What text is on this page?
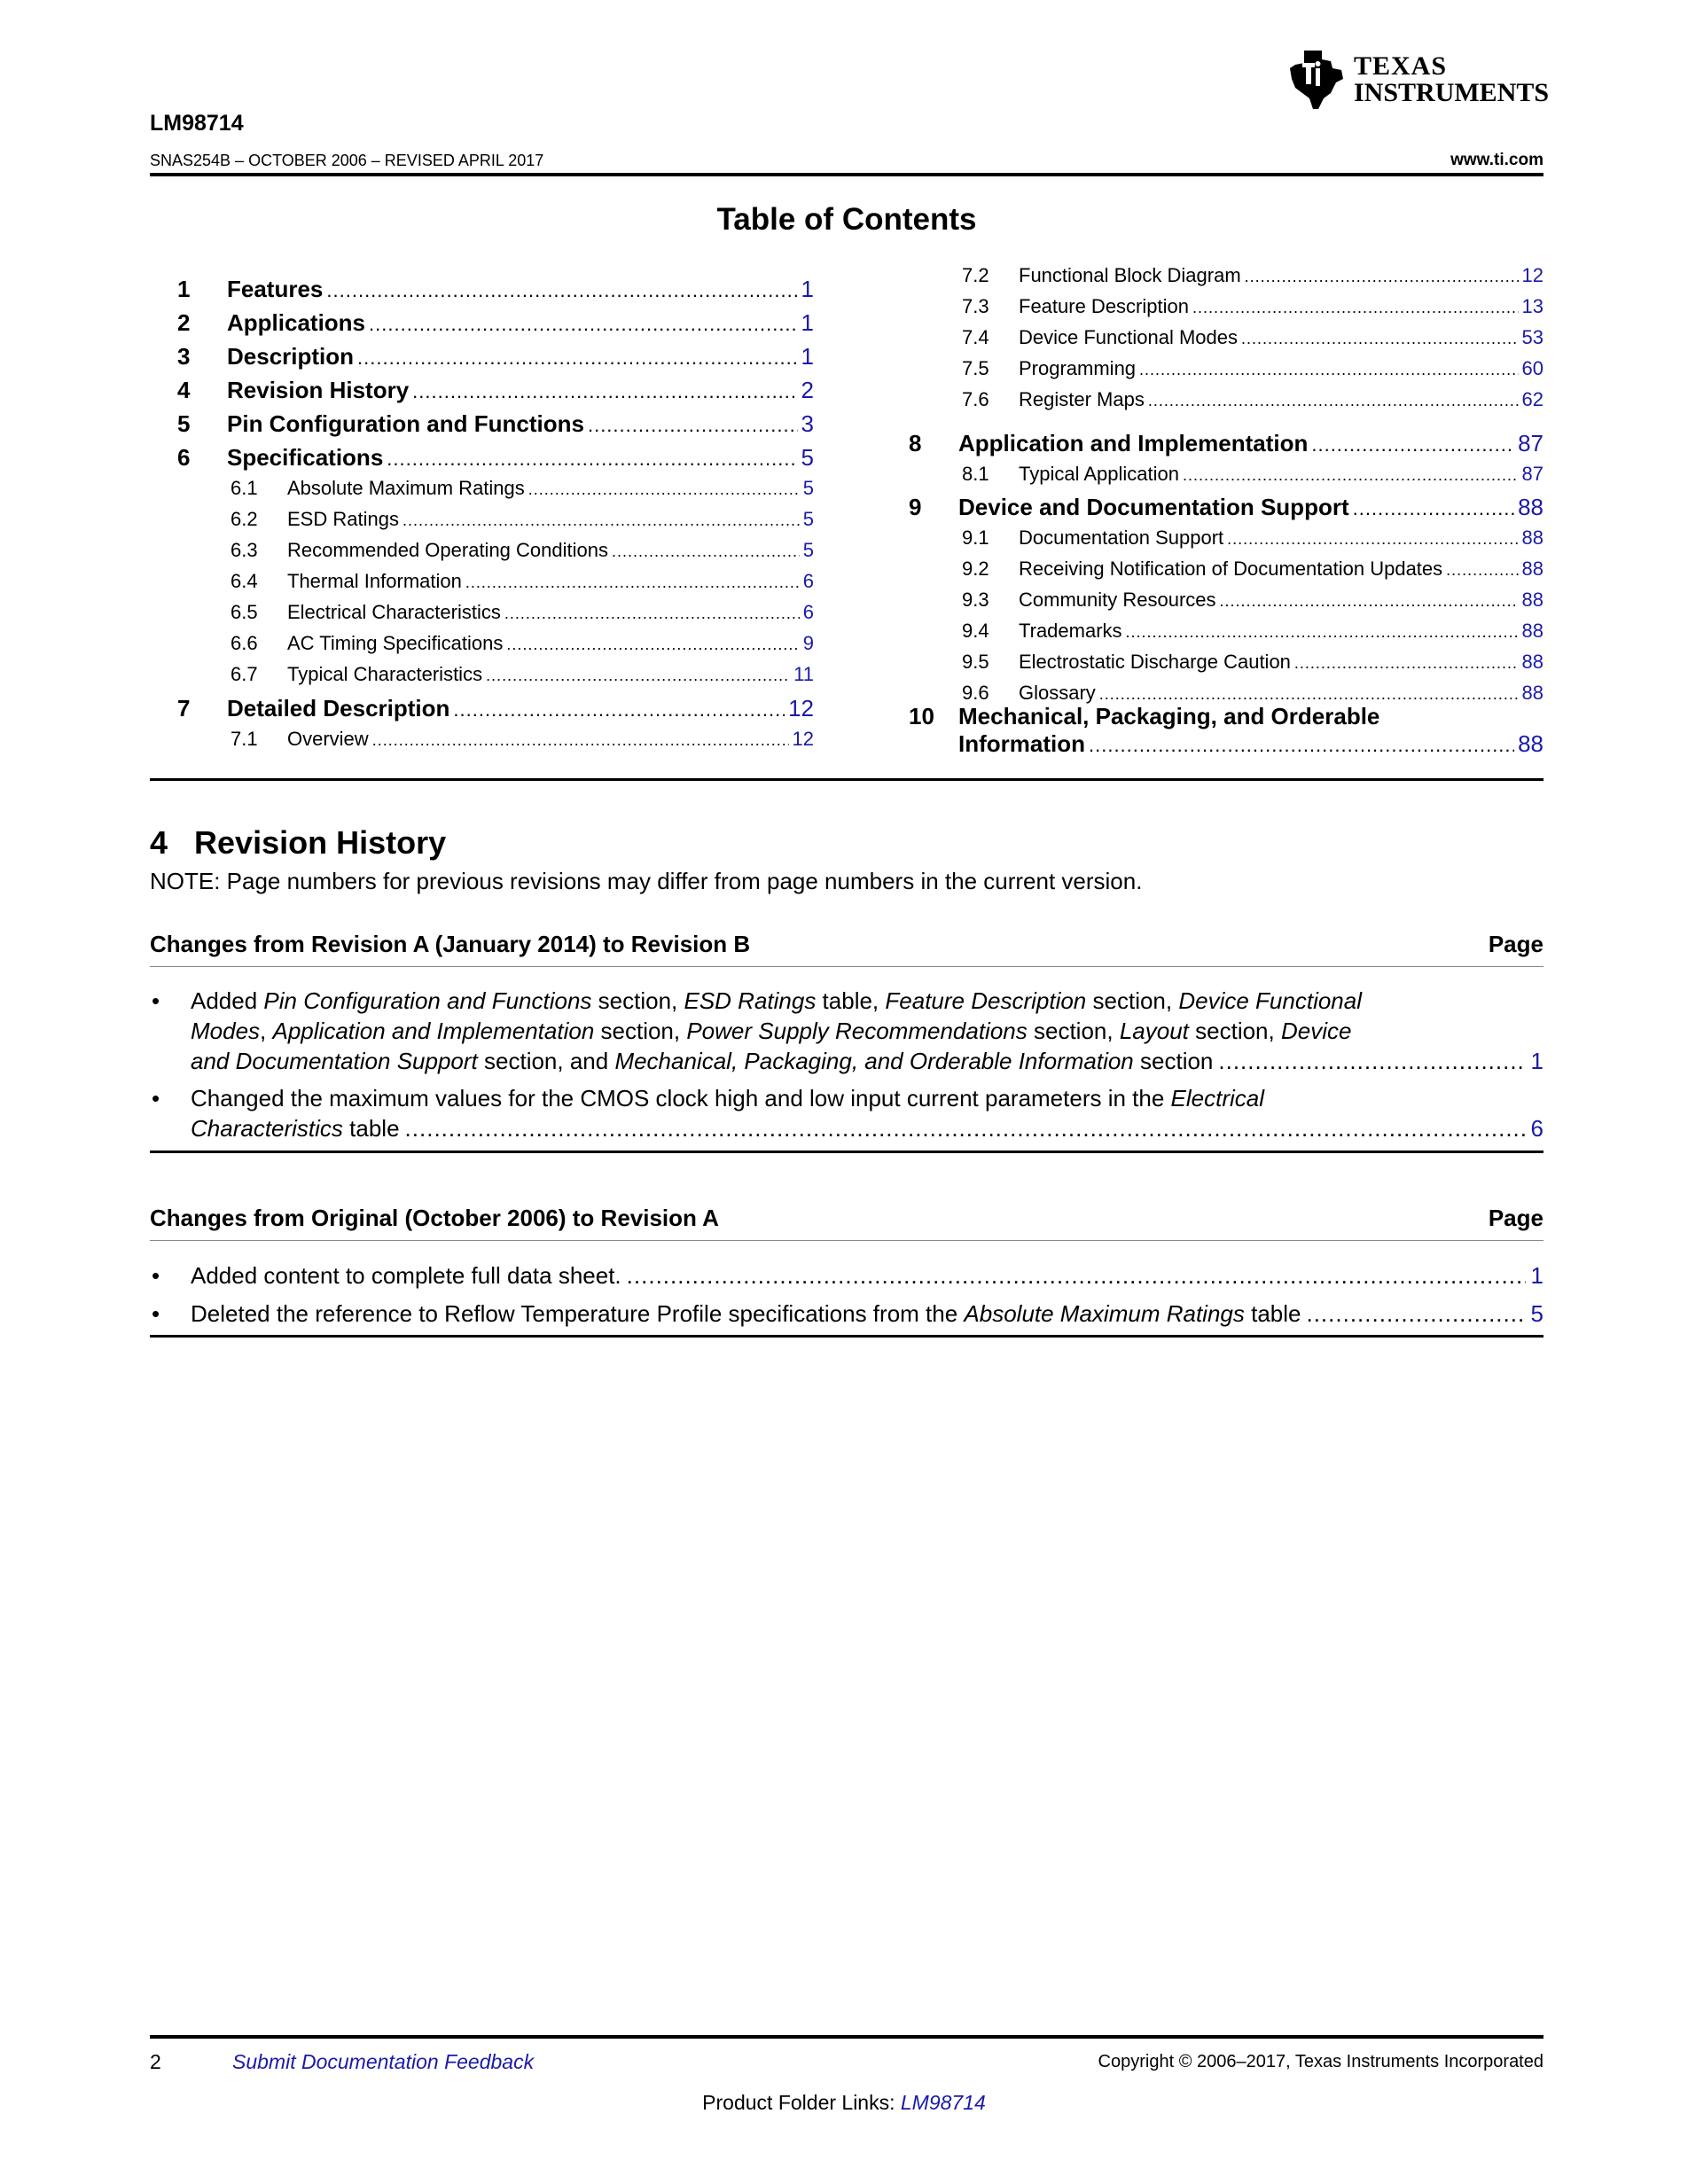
TEXAS
INSTRUMENTS
LM98714
SNAS254B – OCTOBER 2006 – REVISED APRIL 2017	www.ti.com
Table of Contents
1	Features .....	1
2	Applications .....	1
3	Description .....	1
4	Revision History .....	2
5	Pin Configuration and Functions .....	3
6	Specifications .....	5
6.1	Absolute Maximum Ratings .....	5
6.2	ESD Ratings .....	5
6.3	Recommended Operating Conditions .....	5
6.4	Thermal Information .....	6
6.5	Electrical Characteristics .....	6
6.6	AC Timing Specifications .....	9
6.7	Typical Characteristics .....	11
7	Detailed Description .....	12
7.1	Overview .....	12
7.2	Functional Block Diagram .....	12
7.3	Feature Description .....	13
7.4	Device Functional Modes .....	53
7.5	Programming .....	60
7.6	Register Maps .....	62
8	Application and Implementation .....	87
8.1	Typical Application .....	87
9	Device and Documentation Support .....	88
9.1	Documentation Support .....	88
9.2	Receiving Notification of Documentation Updates .....	88
9.3	Community Resources .....	88
9.4	Trademarks .....	88
9.5	Electrostatic Discharge Caution .....	88
9.6	Glossary .....	88
10	Mechanical, Packaging, and Orderable
Information .....	88
4 Revision History
NOTE: Page numbers for previous revisions may differ from page numbers in the current version.
Changes from Revision A (January 2014) to Revision B	Page
• Added Pin Configuration and Functions section, ESD Ratings table, Feature Description section, Device Functional
Modes, Application and Implementation section, Power Supply Recommendations section, Layout section, Device
and Documentation Support section, and Mechanical, Packaging, and Orderable Information section .....	1
• Changed the maximum values for the CMOS clock high and low input current parameters in the Electrical
Characteristics table .....	6
Changes from Original (October 2006) to Revision A	Page
• Added content to complete full data sheet. .....	1
• Deleted the reference to Reflow Temperature Profile specifications from the Absolute Maximum Ratings table .....	5
2	Submit Documentation Feedback	Copyright © 2006–2017, Texas Instruments Incorporated
Product Folder Links: LM98714
